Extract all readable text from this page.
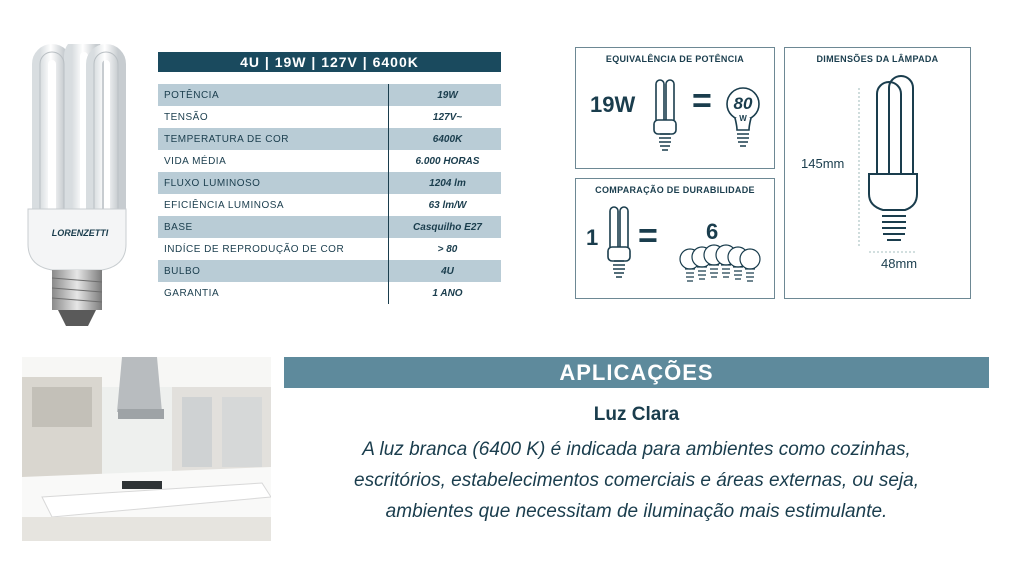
LORENZETTI
4U | 19W | 127V | 6400K
POTÊNCIA	19W
TENSÃO	127V~
TEMPERATURA DE COR	6400K
VIDA MÉDIA	6.000 HORAS
FLUXO LUMINOSO	1204 lm
EFICIÊNCIA LUMINOSA	63 lm/W
BASE	Casquilho E27
INDÍCE DE REPRODUÇÃO DE COR	> 80
BULBO	4U
GARANTIA	1 ANO
EQUIVALÊNCIA DE POTÊNCIA
19W =	80
W
COMPARAÇÃO DE DURABILIDADE
1 = 6
DIMENSÕES DA LÂMPADA
145mm
48mm
APLICAÇÕES
Luz Clara
A luz branca (6400 K) é indicada para ambientes como cozinhas,
escritórios, estabelecimentos comerciais e áreas externas, ou seja,
ambientes que necessitam de iluminação mais estimulante.
